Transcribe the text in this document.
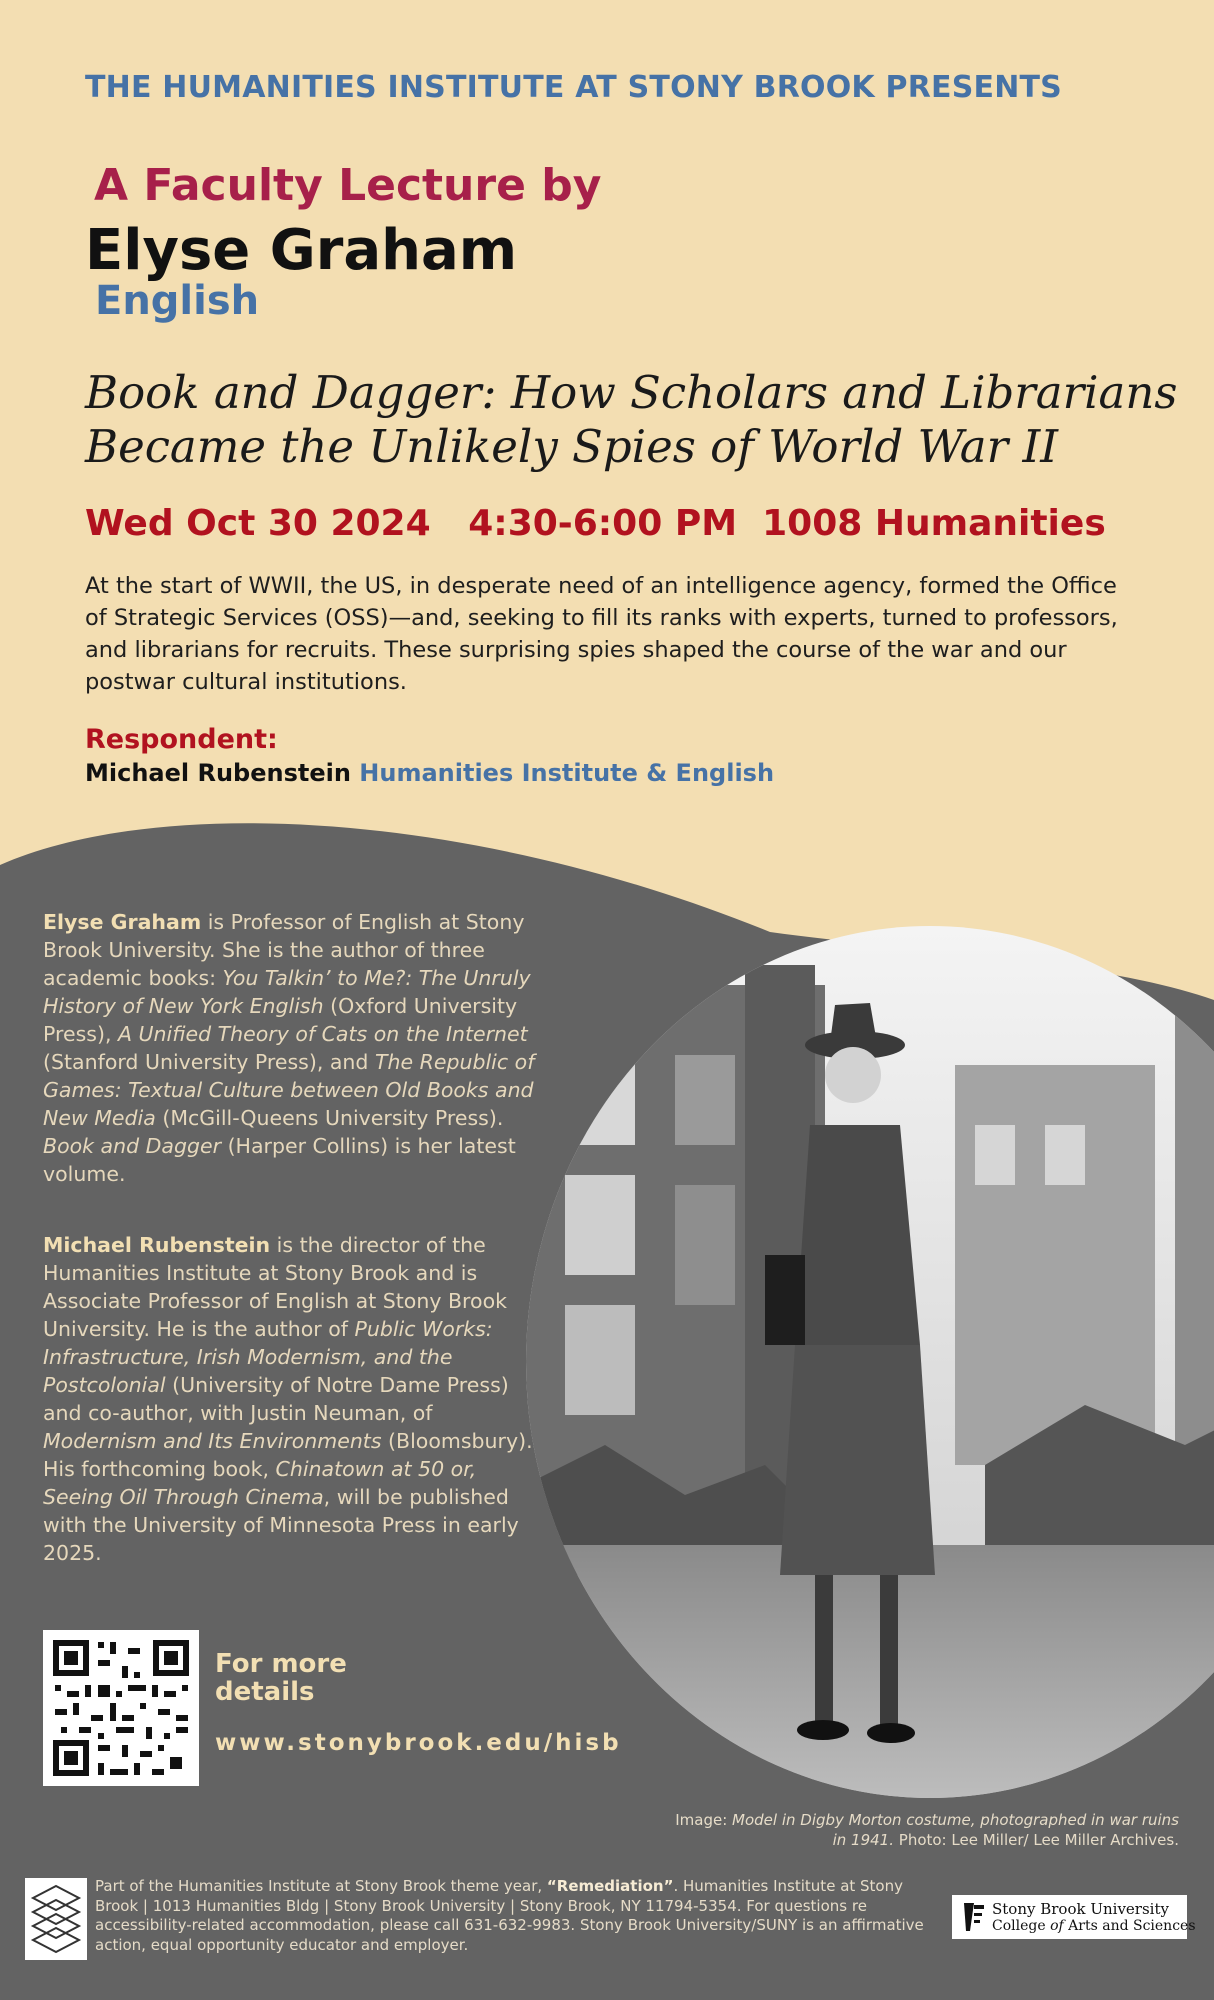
THE HUMANITIES INSTITUTE AT STONY BROOK PRESENTS
A Faculty Lecture by
Elyse Graham
English
Book and Dagger: How Scholars and Librarians
Became the Unlikely Spies of World War II
Wed Oct 30 2024   4:30-6:00 PM  1008 Humanities
At the start of WWII, the US, in desperate need of an intelligence agency, formed the Office of Strategic Services (OSS)—and, seeking to fill its ranks with experts, turned to professors, and librarians for recruits. These surprising spies shaped the course of the war and our postwar cultural institutions.
Respondent:
Michael Rubenstein Humanities Institute & English
Elyse Graham is Professor of English at Stony Brook University. She is the author of three academic books: You Talkin’ to Me?: The Unruly History of New York English (Oxford University Press), A Unified Theory of Cats on the Internet (Stanford University Press), and The Republic of Games: Textual Culture between Old Books and New Media (McGill-Queens University Press). Book and Dagger (Harper Collins) is her latest volume.
Michael Rubenstein is the director of the Humanities Institute at Stony Brook and is Associate Professor of English at Stony Brook University. He is the author of Public Works: Infrastructure, Irish Modernism, and the Postcolonial (University of Notre Dame Press) and co-author, with Justin Neuman, of Modernism and Its Environments (Bloomsbury). His forthcoming book, Chinatown at 50 or, Seeing Oil Through Cinema, will be published with the University of Minnesota Press in early 2025.
For more details
www.stonybrook.edu/hisb
Image: Model in Digby Morton costume, photographed in war ruins in 1941. Photo: Lee Miller/ Lee Miller Archives.
Part of the Humanities Institute at Stony Brook theme year, “Remediation”. Humanities Institute at Stony Brook | 1013 Humanities Bldg | Stony Brook University | Stony Brook, NY 11794-5354. For questions re accessibility-related accommodation, please call 631-632-9983. Stony Brook University/SUNY is an affirmative action, equal opportunity educator and employer.
Stony Brook University
College of Arts and Sciences
